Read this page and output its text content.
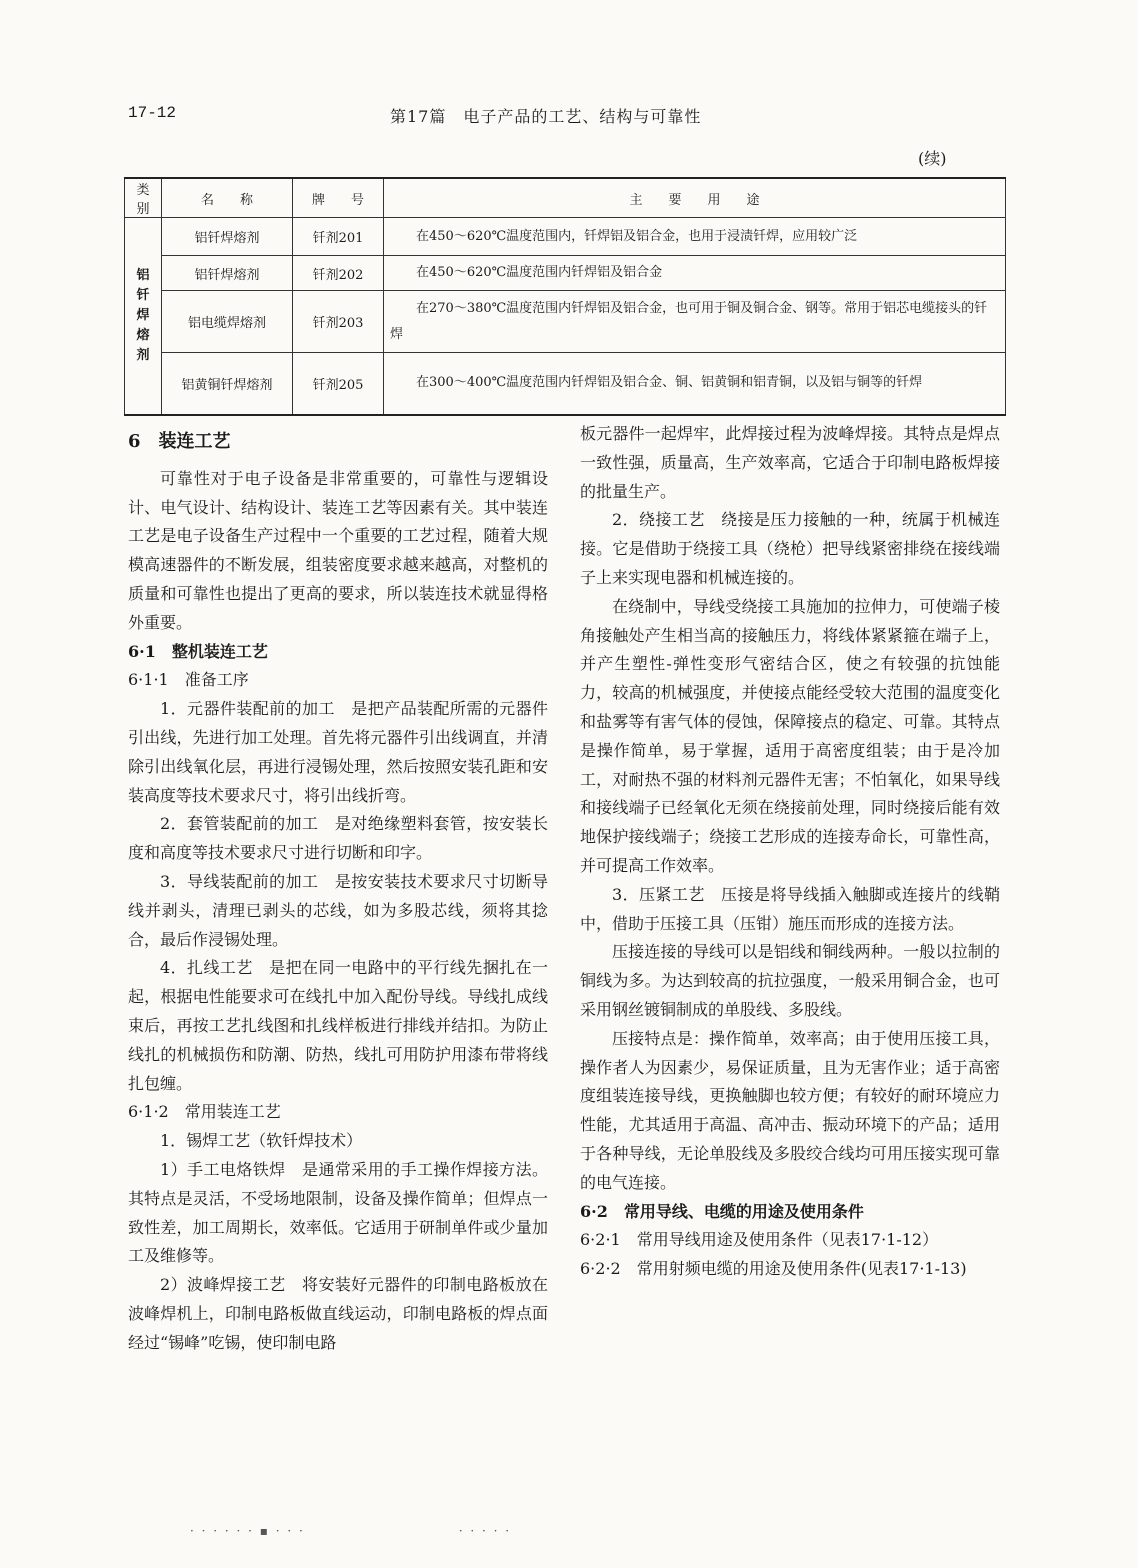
17-12	第17篇　电子产品的工艺、结构与可靠性
(续)
类别	名　　称	牌　　号	主　　要　　用　　途

铝钎焊熔剂	铝钎焊熔剂	钎剂201	在450～620℃温度范围内，钎焊铝及铝合金，也用于浸渍钎焊，应用较广泛
	铝钎焊熔剂	钎剂202	在450～620℃温度范围内钎焊铝及铝合金
	铝电缆焊熔剂	钎剂203	在270～380℃温度范围内钎焊铝及铝合金，也可用于铜及铜合金、钢等。常用于铝芯电缆接头的钎焊
	铝黄铜钎焊熔剂	钎剂205	在300～400℃温度范围内钎焊铝及铝合金、铜、铝黄铜和铝青铜，以及铝与铜等的钎焊

6　装连工艺

可靠性对于电子设备是非常重要的，可靠性与逻辑设计、电气设计、结构设计、装连工艺等因素有关。其中装连工艺是电子设备生产过程中一个重要的工艺过程，随着大规模高速器件的不断发展，组装密度要求越来越高，对整机的质量和可靠性也提出了更高的要求，所以装连技术就显得格外重要。

6·1　整机装连工艺

6·1·1　准备工序

1．元器件装配前的加工　是把产品装配所需的元器件引出线，先进行加工处理。首先将元器件引出线调直，并清除引出线氧化层，再进行浸锡处理，然后按照安装孔距和安装高度等技术要求尺寸，将引出线折弯。

2．套管装配前的加工　是对绝缘塑料套管，按安装长度和高度等技术要求尺寸进行切断和印字。

3．导线装配前的加工　是按安装技术要求尺寸切断导线并剥头，清理已剥头的芯线，如为多股芯线，须将其捻合，最后作浸锡处理。

4．扎线工艺　是把在同一电路中的平行线先捆扎在一起，根据电性能要求可在线扎中加入配份导线。导线扎成线束后，再按工艺扎线图和扎线样板进行排线并结扣。为防止线扎的机械损伤和防潮、防热，线扎可用防护用漆布带将线扎包缠。

6·1·2　常用装连工艺

1．锡焊工艺（软钎焊技术）

1）手工电烙铁焊　是通常采用的手工操作焊接方法。其特点是灵活，不受场地限制，设备及操作简单；但焊点一致性差，加工周期长，效率低。它适用于研制单件或少量加工及维修等。

2）波峰焊接工艺　将安装好元器件的印制电路板放在波峰焊机上，印制电路板做直线运动，印制电路板的焊点面经过“锡峰”吃锡，使印制电路

板元器件一起焊牢，此焊接过程为波峰焊接。其特点是焊点一致性强，质量高，生产效率高，它适合于印制电路板焊接的批量生产。

2．绕接工艺　绕接是压力接触的一种，统属于机械连接。它是借助于绕接工具（绕枪）把导线紧密排绕在接线端子上来实现电器和机械连接的。

在绕制中，导线受绕接工具施加的拉伸力，可使端子棱角接触处产生相当高的接触压力，将线体紧紧箍在端子上，并产生塑性-弹性变形气密结合区，使之有较强的抗蚀能力，较高的机械强度，并使接点能经受较大范围的温度变化和盐雾等有害气体的侵蚀，保障接点的稳定、可靠。其特点是操作简单，易于掌握，适用于高密度组装；由于是冷加工，对耐热不强的材料剂元器件无害；不怕氧化，如果导线和接线端子已经氧化无须在绕接前处理，同时绕接后能有效地保护接线端子；绕接工艺形成的连接寿命长，可靠性高，并可提高工作效率。

3．压紧工艺　压接是将导线插入触脚或连接片的线鞘中，借助于压接工具（压钳）施压而形成的连接方法。

压接连接的导线可以是铝线和铜线两种。一般以拉制的铜线为多。为达到较高的抗拉强度，一般采用铜合金，也可采用钢丝镀铜制成的单股线、多股线。

压接特点是：操作简单，效率高；由于使用压接工具，操作者人为因素少，易保证质量，且为无害作业；适于高密度组装连接导线，更换触脚也较方便；有较好的耐环境应力性能，尤其适用于高温、高冲击、振动环境下的产品；适用于各种导线，无论单股线及多股绞合线均可用压接实现可靠的电气连接。

6·2　常用导线、电缆的用途及使用条件

6·2·1　常用导线用途及使用条件（见表17·1-12）

6·2·2　常用射频电缆的用途及使用条件(见表17·1-13)

· · · · · · ▪ · · ·　　　　　　　　　　　· · · · ·
